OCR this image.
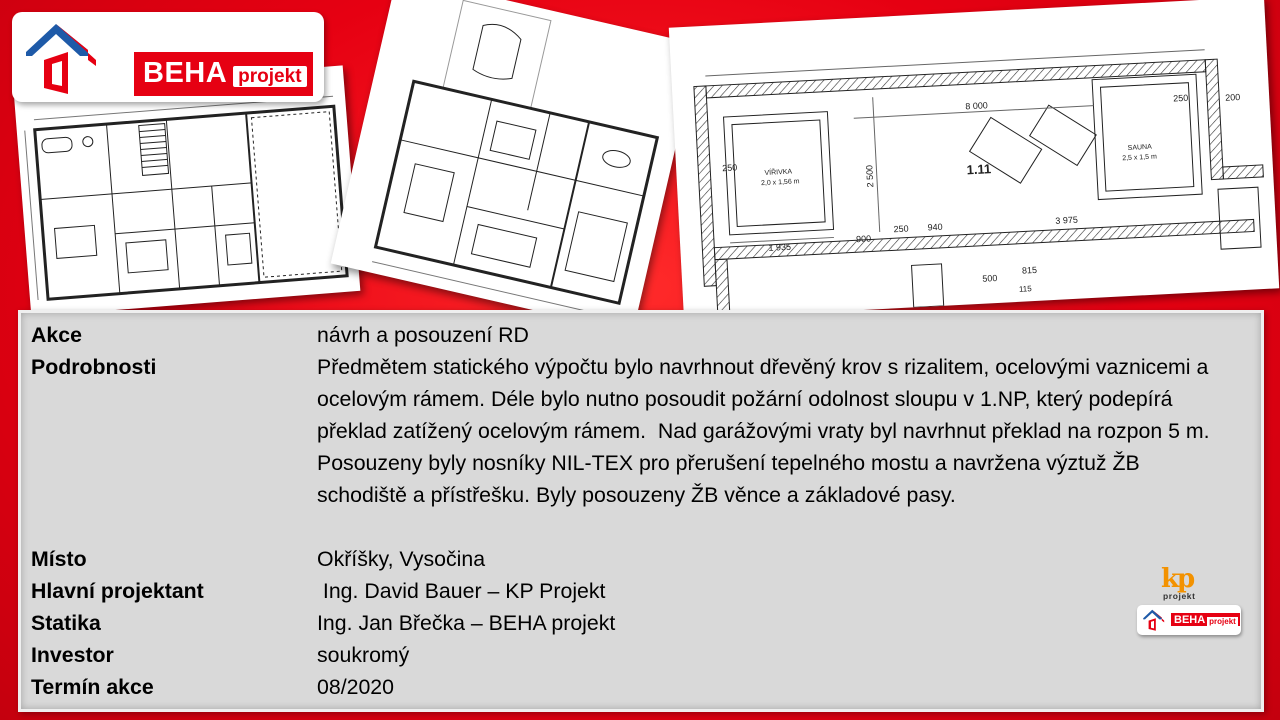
1.11
VÍŘIVKA
2,0 x 1,56 m
SAUNA
2,5 x 1,5 m
8 000
2 500
3 975
1 935
900
250 940
250
250	200
500
815
115
BEHA projekt
Akce	návrh a posouzení RD
Podrobnosti	Předmětem statického výpočtu bylo navrhnout dřevěný krov s rizalitem, ocelovými vaznicemi a ocelovým rámem. Déle bylo nutno posoudit požární odolnost sloupu v 1.NP, který podepírá překlad zatížený ocelovým rámem.  Nad garážovými vraty byl navrhnut překlad na rozpon 5 m. Posouzeny byly nosníky NIL-TEX pro přerušení tepelného mostu a navržena výztuž ŽB schodiště a přístřešku. Byly posouzeny ŽB věnce a základové pasy.
Místo	Okříšky, Vysočina
Hlavní projektant	Ing. David Bauer – KP Projekt
Statika	Ing. Jan Břečka – BEHA projekt
Investor	soukromý
Termín akce	08/2020
kp
projekt
BEHA projekt
